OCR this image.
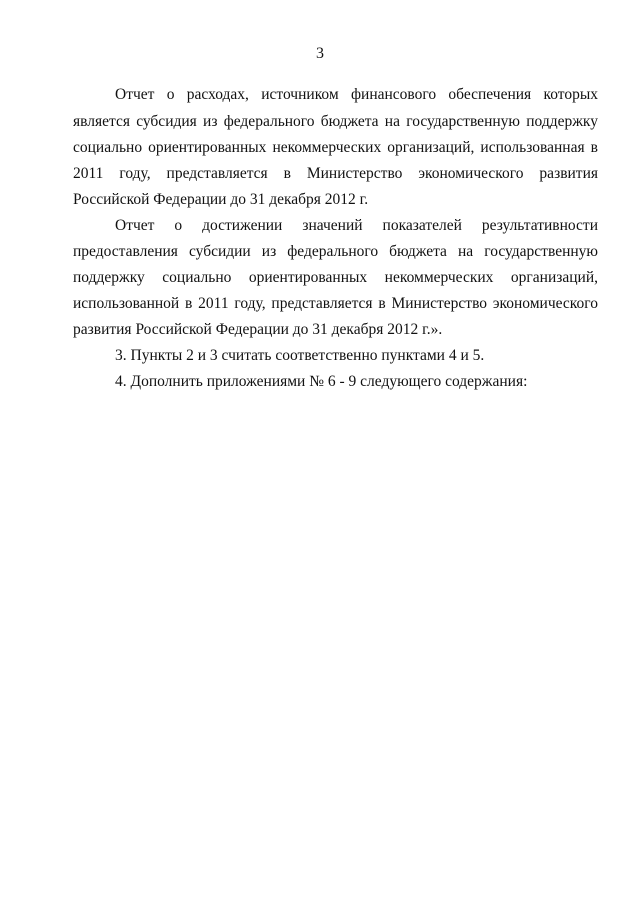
3
Отчет о расходах, источником финансового обеспечения которых
является субсидия из федерального бюджета на государственную поддержку
социально ориентированных некоммерческих организаций, использованная в
2011 году, представляется в Министерство экономического развития
Российской Федерации до 31 декабря 2012 г.
Отчет о достижении значений показателей результативности
предоставления субсидии из федерального бюджета на государственную
поддержку социально ориентированных некоммерческих организаций,
использованной в 2011 году, представляется в Министерство экономического
развития Российской Федерации до 31 декабря 2012 г.».
3. Пункты 2 и 3 считать соответственно пунктами 4 и 5.
4. Дополнить приложениями № 6 - 9 следующего содержания:
